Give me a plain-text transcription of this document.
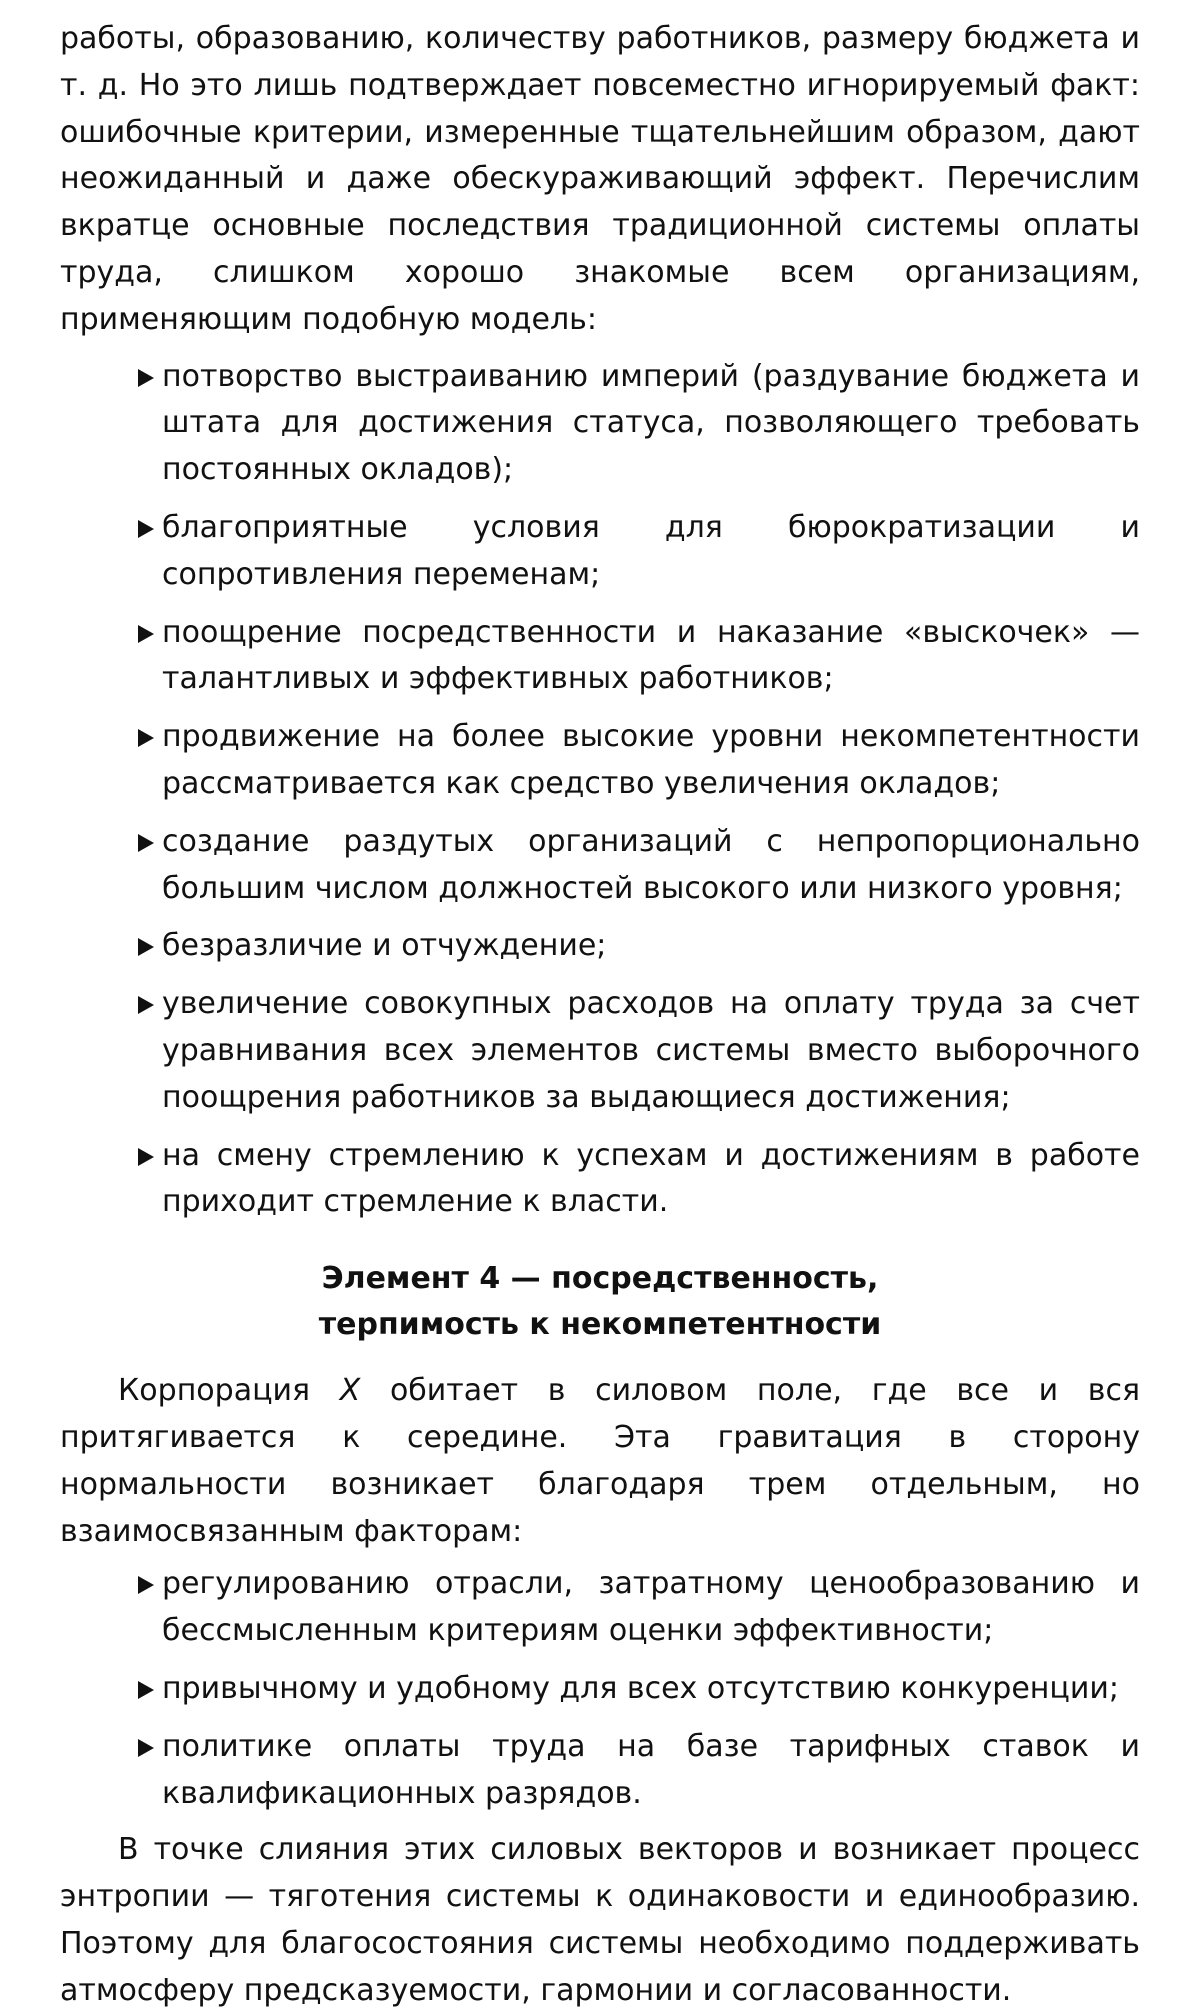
работы, образованию, количеству работников, размеру бюджета и т. д. Но это лишь подтверждает повсеместно игнорируемый факт: ошибочные критерии, измеренные тщательнейшим образом, дают неожиданный и даже обескураживающий эффект. Перечислим вкратце основные последствия традиционной системы оплаты труда, слишком хорошо знакомые всем организациям, применяющим подобную модель:

потворство выстраиванию империй (раздувание бюджета и штата для достижения статуса, позволяющего требовать постоянных окладов);
благоприятные условия для бюрократизации и сопротивления переменам;
поощрение посредственности и наказание «выскочек» — талантливых и эффективных работников;
продвижение на более высокие уровни некомпетентности рассматривается как средство увеличения окладов;
создание раздутых организаций с непропорционально большим числом должностей высокого или низкого уровня;
безразличие и отчуждение;
увеличение совокупных расходов на оплату труда за счет уравнивания всех элементов системы вместо выборочного поощрения работников за выдающиеся достижения;
на смену стремлению к успехам и достижениям в работе приходит стремление к власти.
Элемент 4 — посредственность,
терпимость к некомпетентности

Корпорация Х обитает в силовом поле, где все и вся притягивается к середине. Эта гравитация в сторону нормальности возникает благодаря трем отдельным, но взаимосвязанным факторам:

регулированию отрасли, затратному ценообразованию и бессмысленным критериям оценки эффективности;
привычному и удобному для всех отсутствию конкуренции;
политике оплаты труда на базе тарифных ставок и квалификационных разрядов.

В точке слияния этих силовых векторов и возникает процесс энтропии — тяготения системы к одинаковости и единообразию. Поэтому для благосостояния системы необходимо поддерживать атмосферу предсказуемости, гармонии и согласованности.
